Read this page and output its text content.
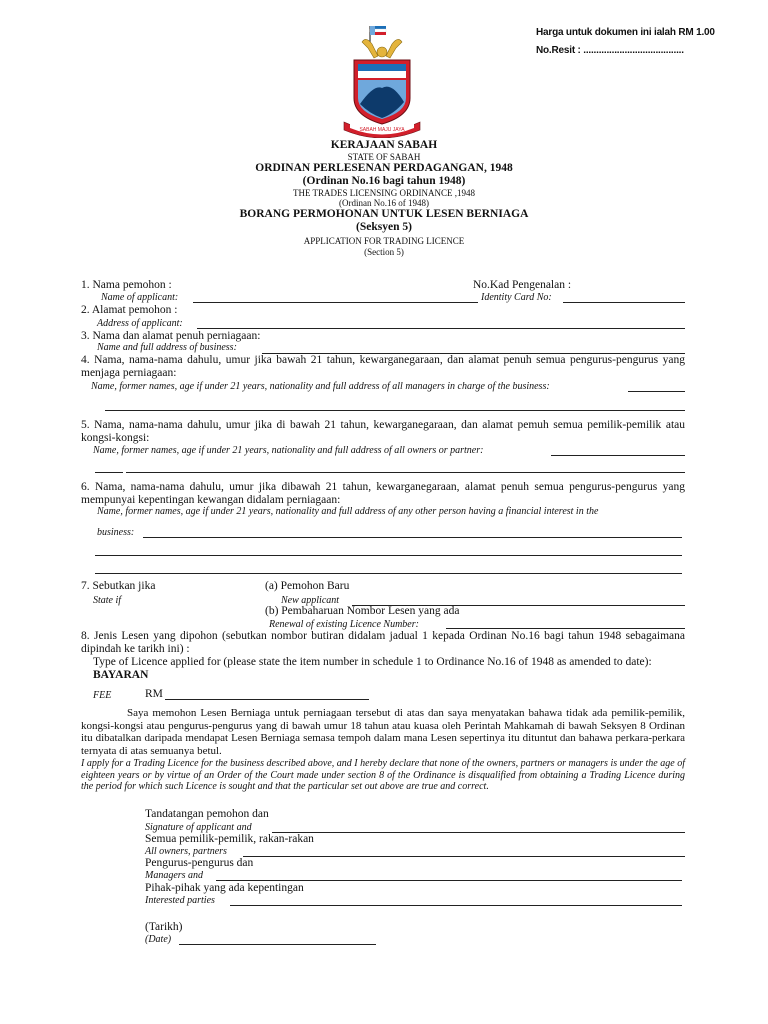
Harga untuk dokumen ini ialah RM 1.00
No.Resit : .......................................
SABAH MAJU JAYA
KERAJAAN SABAH
STATE OF SABAH
ORDINAN PERLESENAN PERDAGANGAN, 1948
(Ordinan No.16 bagi tahun 1948)
THE TRADES LICENSING ORDINANCE ,1948
(Ordinan No.16 of 1948)
BORANG PERMOHONAN UNTUK LESEN BERNIAGA
(Seksyen 5)
APPLICATION FOR TRADING LICENCE
(Section 5)
1. Nama pemohon :	No.Kad Pengenalan :
Name of applicant:	Identity Card No:
2. Alamat pemohon :
Address of applicant:
3. Nama dan alamat penuh perniagaan:
Name and full address of business:
4. Nama, nama-nama dahulu, umur jika bawah 21 tahun, kewarganegaraan, dan alamat penuh semua pengurus-pengurus yang menjaga perniagaan:
Name, former names, age if under 21 years, nationality and full address of all managers in charge of the business:
5. Nama, nama-nama dahulu, umur jika di bawah 21 tahun, kewarganegaraan, dan alamat pemuh semua pemilik-pemilik atau kongsi-kongsi:
Name, former names, age if under 21 years, nationality and full address of all owners or partner:
6. Nama, nama-nama dahulu, umur jika dibawah 21 tahun, kewarganegaraan, alamat penuh semua pengurus-pengurus yang mempunyai kepentingan kewangan didalam perniagaan:
Name, former names, age if under 21 years, nationality and full address of any other person having a financial interest in the
business:
7. Sebutkan jika
State if
(a) Pemohon Baru
New applicant
(b) Pembaharuan Nombor Lesen yang ada
Renewal of existing Licence Number:
8. Jenis Lesen yang dipohon (sebutkan nombor butiran didalam jadual 1 kepada Ordinan No.16 bagi tahun 1948 sebagaimana dipindah ke tarikh ini) :
Type of Licence applied for (please state the item number in schedule 1 to Ordinance No.16 of 1948 as amended to date):
BAYARAN
FEE	RM
Saya memohon Lesen Berniaga untuk perniagaan tersebut di atas dan saya menyatakan bahawa tidak ada pemilik-pemilik, kongsi-kongsi atau pengurus-pengurus yang di bawah umur 18 tahun atau kuasa oleh Perintah Mahkamah di bawah Seksyen 8 Ordinan itu dibatalkan daripada mendapat Lesen Berniaga semasa tempoh dalam mana Lesen sepertinya itu dituntut dan bahawa perkara-perkara ternyata di atas semuanya betul.
I apply for a Trading Licence for the business described above, and I hereby declare that none of the owners, partners or managers is under the age of eighteen years or by virtue of an Order of the Court made under section 8 of the Ordinance is disqualified from obtaining a Trading Licence during the period for which such Licence is sought and that the particular set out above are true and correct.
Tandatangan pemohon dan
Signature of applicant and
Semua pemilik-pemilik, rakan-rakan
All owners, partners
Pengurus-pengurus dan
Managers and
Pihak-pihak yang ada kepentingan
Interested parties
(Tarikh)
(Date)
